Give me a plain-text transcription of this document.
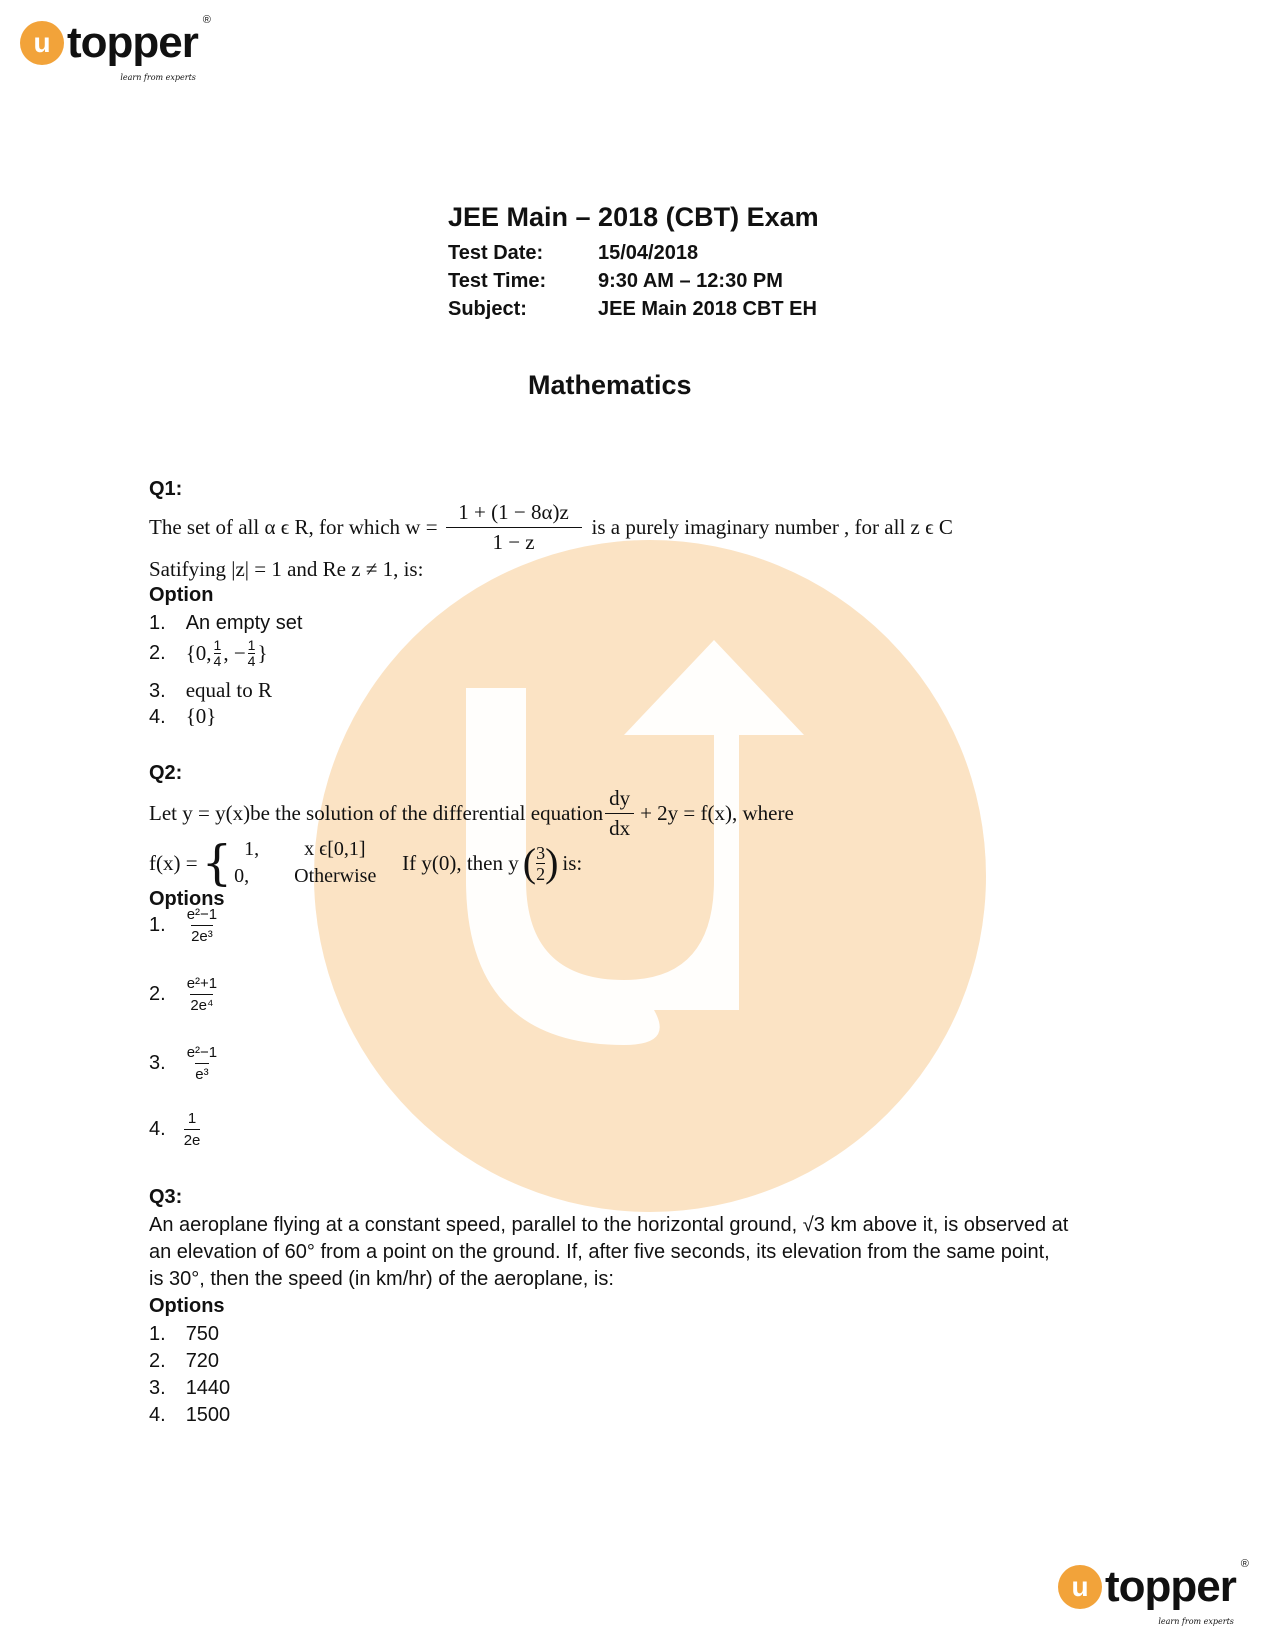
u topper ®
learn from experts
JEE Main – 2018 (CBT) Exam
Test Date:	15/04/2018
Test Time:	9:30 AM – 12:30 PM
Subject:	JEE Main 2018 CBT EH
Mathematics
Q1:
The set of all α ϵ R, for which $w = \frac{1 + (1 - 8\alpha)z}{1 - z}$ is a purely imaginary number , for all z ϵ C
Satifying |z| = 1 and Re z ≠ 1, is:
Option
1. An empty set
2. {0, 1
4 , − $\frac{1}{4}$ }
3. equal to R
4. {0}
Q2:
Let y = y(x)be the solution of the differential equation $\frac{dy}{dx} + 2y = f(x)$, where
f(x) = { 1,	x ϵ[0,1]
0,	Otherwise
If y(0), then y ( 3
2 ) is:
Options
1. $\frac{\text{e²−1}}{\text{2e³}}$
2. $\frac{\text{e²+1}}{\text{2e⁴}}$
3. $\frac{\text{e²−1}}{\text{e³}}$
4. $\frac{1}{2e}$
Q3:
An aeroplane flying at a constant speed, parallel to the horizontal ground, √3 km above it, is observed at
an elevation of 60° from a point on the ground. If, after five seconds, its elevation from the same point,
is 30°, then the speed (in km/hr) of the aeroplane, is:
Options
1. 750
2. 720
3. 1440
4. 1500
u topper ®
learn from experts
